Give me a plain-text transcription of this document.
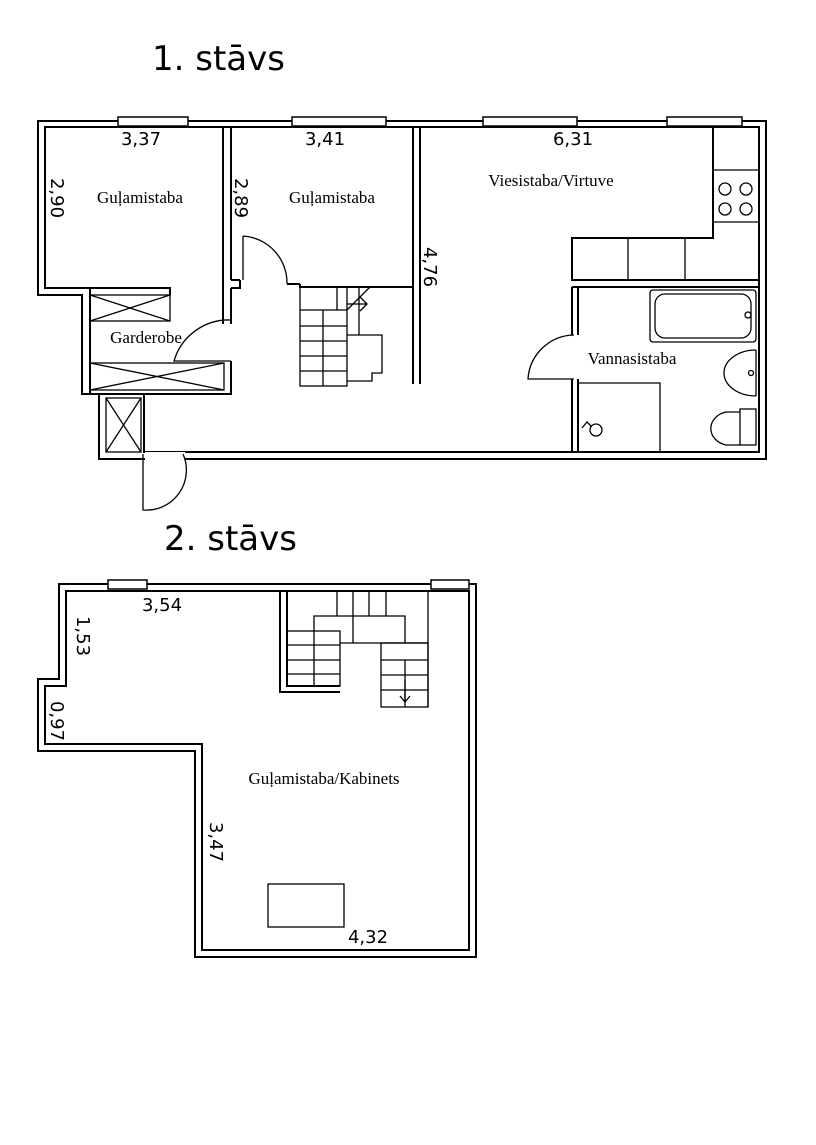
1. stāvs
Guļamistaba	Guļamistaba
Viesistaba/Virtuve
Garderobe
Vannasistaba
3,37	3,41	6,31
2,90	2,89
4,76
2. stāvs
Guļamistaba/Kabinets
3,54
1,53
0,97
3,47
4,32
